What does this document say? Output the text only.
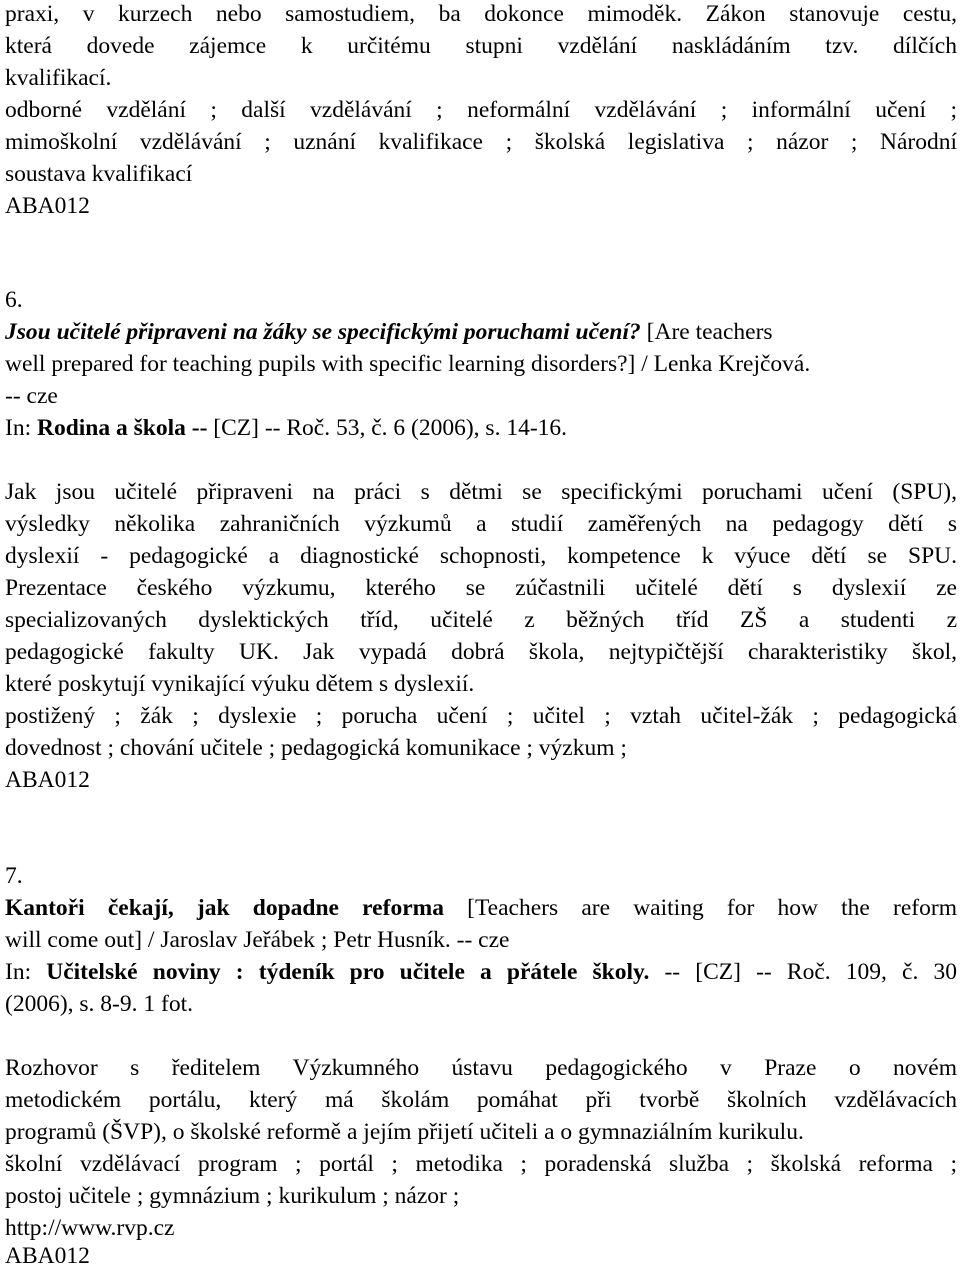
praxi, v kurzech nebo samostudiem, ba dokonce mimoděk. Zákon stanovuje cestu,
která dovede zájemce k určitému stupni vzdělání naskládáním tzv. dílčích
kvalifikací.
odborné vzdělání ; další vzdělávání ; neformální vzdělávání ; informální učení ;
mimoškolní vzdělávání ; uznání kvalifikace ; školská legislativa ; názor ; Národní
soustava kvalifikací
ABA012
6.
Jsou učitelé připraveni na žáky se specifickými poruchami učení? [Are teachers
well prepared for teaching pupils with specific learning disorders?] / Lenka Krejčová.
-- cze
In: Rodina a škola -- [CZ] -- Roč. 53, č. 6 (2006), s. 14-16.
Jak jsou učitelé připraveni na práci s dětmi se specifickými poruchami učení (SPU),
výsledky několika zahraničních výzkumů a studií zaměřených na pedagogy dětí s
dyslexií - pedagogické a diagnostické schopnosti, kompetence k výuce dětí se SPU.
Prezentace českého výzkumu, kterého se zúčastnili učitelé dětí s dyslexií ze
specializovaných dyslektických tříd, učitelé z běžných tříd ZŠ a studenti z
pedagogické fakulty UK. Jak vypadá dobrá škola, nejtypičtější charakteristiky škol,
které poskytují vynikající výuku dětem s dyslexií.
postižený ; žák ; dyslexie ; porucha učení ; učitel ; vztah učitel-žák ; pedagogická
dovednost ; chování učitele ; pedagogická komunikace ; výzkum ;
ABA012
7.
Kantoři čekají, jak dopadne reforma [Teachers are waiting for how the reform
will come out] / Jaroslav Jeřábek ; Petr Husník. -- cze
In: Učitelské noviny : týdeník pro učitele a přátele školy. -- [CZ] -- Roč. 109, č. 30
(2006), s. 8-9. 1 fot.
Rozhovor s ředitelem Výzkumného ústavu pedagogického v Praze o novém
metodickém portálu, který má školám pomáhat při tvorbě školních vzdělávacích
programů (ŠVP), o školské reformě a jejím přijetí učiteli a o gymnaziálním kurikulu.
školní vzdělávací program ; portál ; metodika ; poradenská služba ; školská reforma ;
postoj učitele ; gymnázium ; kurikulum ; názor ;
http://www.rvp.cz
ABA012
